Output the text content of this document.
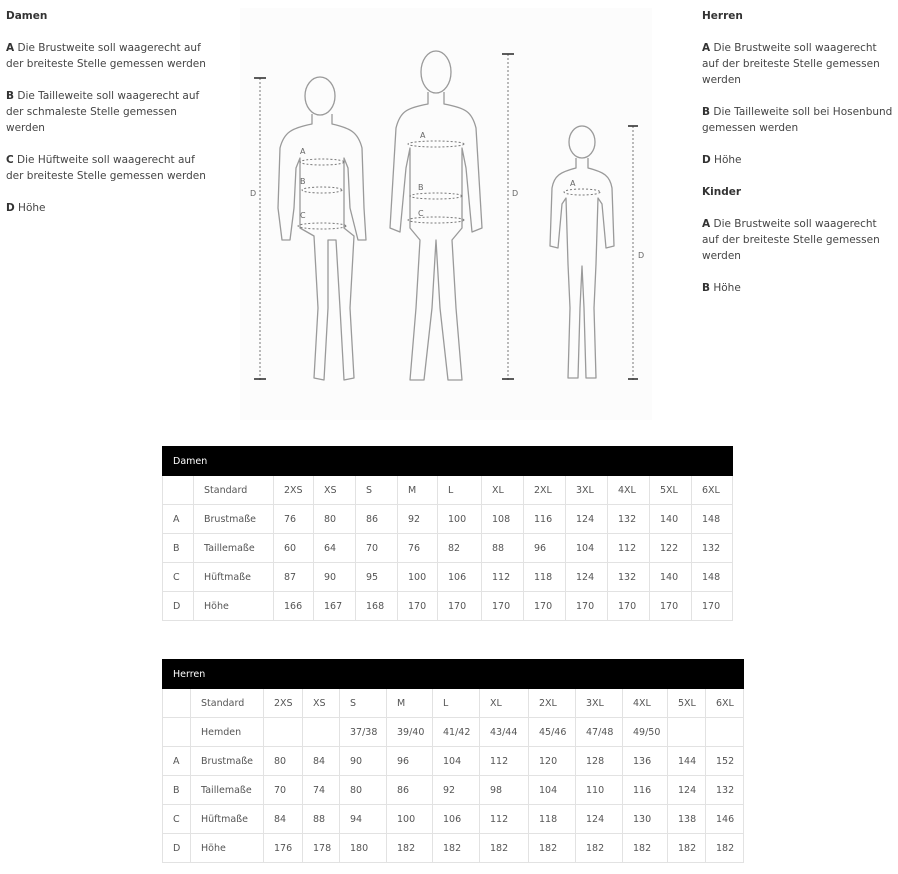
Damen
A Die Brustweite soll waagerecht auf der breiteste Stelle gemessen werden
B Die Tailleweite soll waagerecht auf der schmaleste Stelle gemessen werden
C Die Hüftweite soll waagerecht auf der breiteste Stelle gemessen werden
D Höhe
D
A
B
C
A
B
C
D
A
D
Herren
A Die Brustweite soll waagerecht auf der breiteste Stelle gemessen werden
B Die Tailleweite soll bei Hosenbund gemessen werden
D Höhe
Kinder
A Die Brustweite soll waagerecht auf der breiteste Stelle gemessen werden
B Höhe
Damen												
	Standard	2XS	XS	S	M	L	XL	2XL	3XL	4XL	5XL	6XL
A	Brustmaße	76	80	86	92	100	108	116	124	132	140	148
B	Taillemaße	60	64	70	76	82	88	96	104	112	122	132
C	Hüftmaße	87	90	95	100	106	112	118	124	132	140	148
D	Höhe	166	167	168	170	170	170	170	170	170	170	170
Herren												
	Standard	2XS	XS	S	M	L	XL	2XL	3XL	4XL	5XL	6XL
	Hemden			37/38	39/40	41/42	43/44	45/46	47/48	49/50		
A	Brustmaße	80	84	90	96	104	112	120	128	136	144	152
B	Taillemaße	70	74	80	86	92	98	104	110	116	124	132
C	Hüftmaße	84	88	94	100	106	112	118	124	130	138	146
D	Höhe	176	178	180	182	182	182	182	182	182	182	182
